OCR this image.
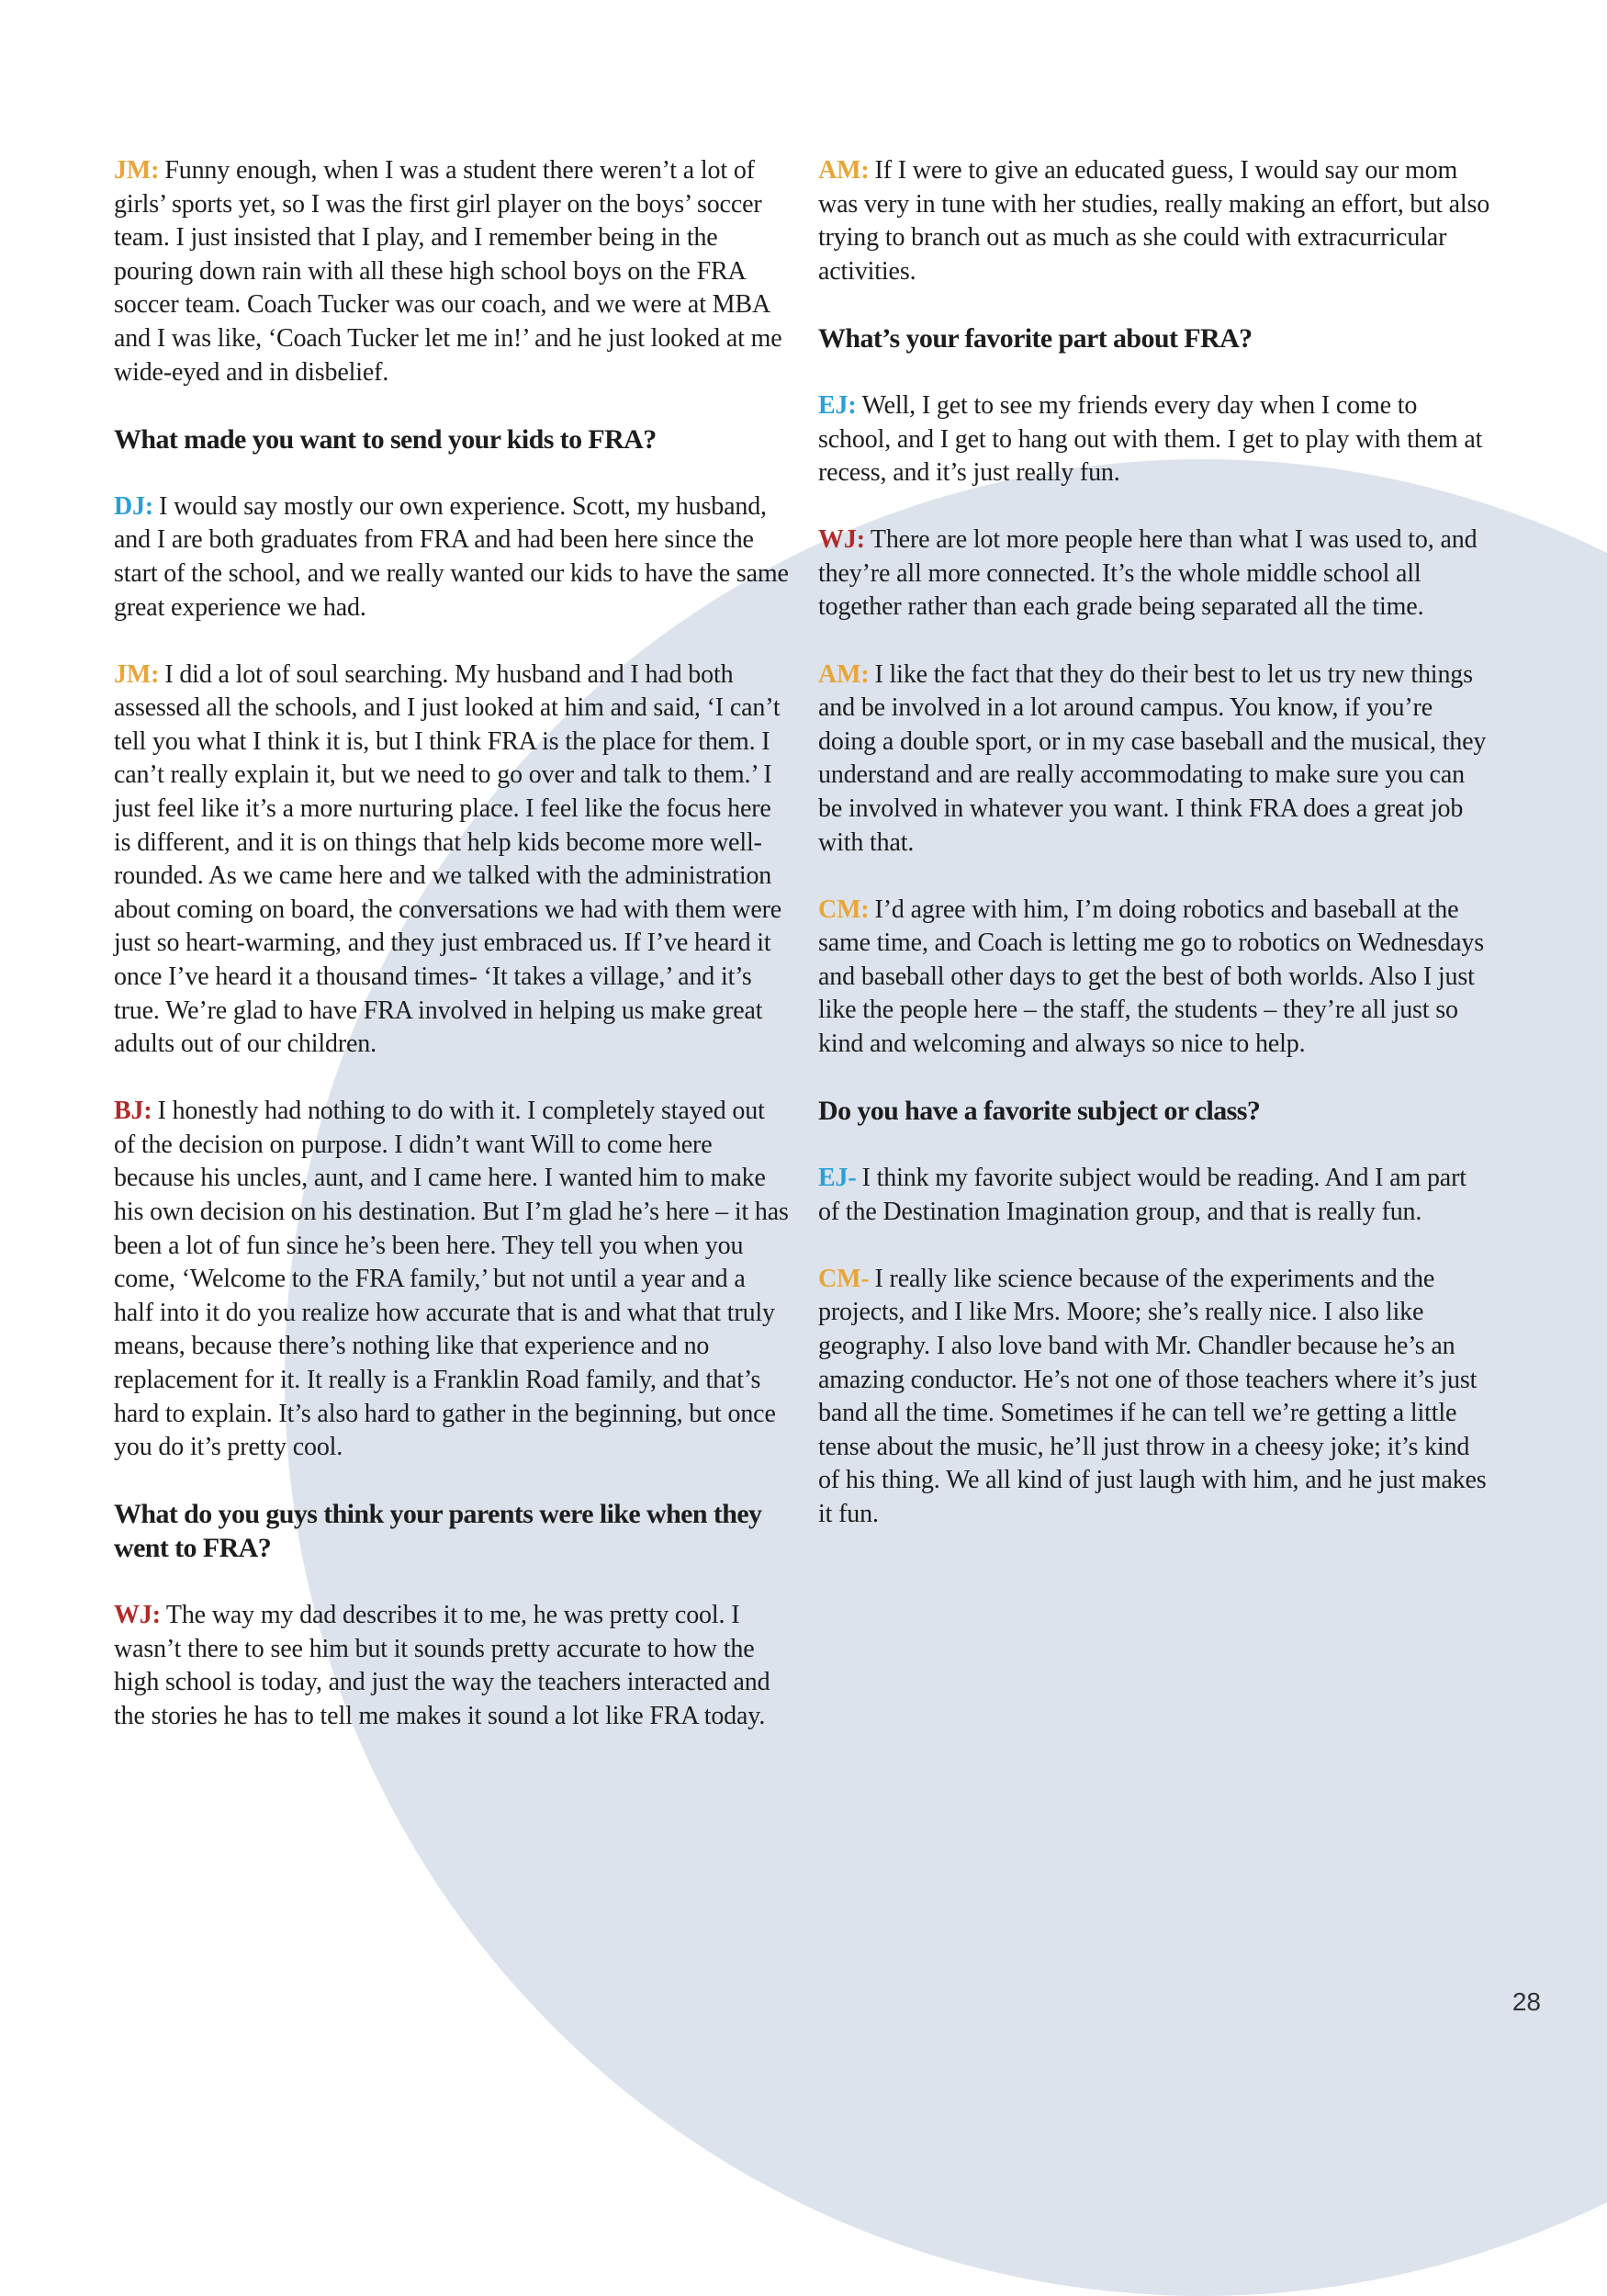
JM: Funny enough, when I was a student there weren’t a lot of girls’ sports yet, so I was the first girl player on the boys’ soccer team. I just insisted that I play, and I remember being in the pouring down rain with all these high school boys on the FRA soccer team. Coach Tucker was our coach, and we were at MBA and I was like, ‘Coach Tucker let me in!’ and he just looked at me wide-eyed and in disbelief.

What made you want to send your kids to FRA?

DJ: I would say mostly our own experience. Scott, my husband, and I are both graduates from FRA and had been here since the start of the school, and we really wanted our kids to have the same great experience we had.

JM: I did a lot of soul searching. My husband and I had both assessed all the schools, and I just looked at him and said, ‘I can’t tell you what I think it is, but I think FRA is the place for them. I can’t really explain it, but we need to go over and talk to them.’ I just feel like it’s a more nurturing place. I feel like the focus here is different, and it is on things that help kids become more well-rounded. As we came here and we talked with the administration about coming on board, the conversations we had with them were just so heart-warming, and they just embraced us. If I’ve heard it once I’ve heard it a thousand times- ‘It takes a village,’ and it’s true. We’re glad to have FRA involved in helping us make great adults out of our children.

BJ: I honestly had nothing to do with it. I completely stayed out of the decision on purpose. I didn’t want Will to come here because his uncles, aunt, and I came here. I wanted him to make his own decision on his destination. But I’m glad he’s here – it has been a lot of fun since he’s been here. They tell you when you come, ‘Welcome to the FRA family,’ but not until a year and a half into it do you realize how accurate that is and what that truly means, because there’s nothing like that experience and no replacement for it. It really is a Franklin Road family, and that’s hard to explain. It’s also hard to gather in the beginning, but once you do it’s pretty cool.

What do you guys think your parents were like when they went to FRA?

WJ: The way my dad describes it to me, he was pretty cool. I wasn’t there to see him but it sounds pretty accurate to how the high school is today, and just the way the teachers interacted and the stories he has to tell me makes it sound a lot like FRA today.

AM: If I were to give an educated guess, I would say our mom was very in tune with her studies, really making an effort, but also trying to branch out as much as she could with extracurricular activities.

What’s your favorite part about FRA?

EJ: Well, I get to see my friends every day when I come to school, and I get to hang out with them. I get to play with them at recess, and it’s just really fun.

WJ: There are lot more people here than what I was used to, and they’re all more connected. It’s the whole middle school all together rather than each grade being separated all the time.

AM: I like the fact that they do their best to let us try new things and be involved in a lot around campus. You know, if you’re doing a double sport, or in my case baseball and the musical, they understand and are really accommodating to make sure you can be involved in whatever you want. I think FRA does a great job with that.

CM: I’d agree with him, I’m doing robotics and baseball at the same time, and Coach is letting me go to robotics on Wednesdays and baseball other days to get the best of both worlds. Also I just like the people here – the staff, the students – they’re all just so kind and welcoming and always so nice to help.

Do you have a favorite subject or class?

EJ- I think my favorite subject would be reading. And I am part of the Destination Imagination group, and that is really fun.

CM- I really like science because of the experiments and the projects, and I like Mrs. Moore; she’s really nice. I also like geography. I also love band with Mr. Chandler because he’s an amazing conductor. He’s not one of those teachers where it’s just band all the time. Sometimes if he can tell we’re getting a little tense about the music, he’ll just throw in a cheesy joke; it’s kind of his thing. We all kind of just laugh with him, and he just makes it fun.

28
